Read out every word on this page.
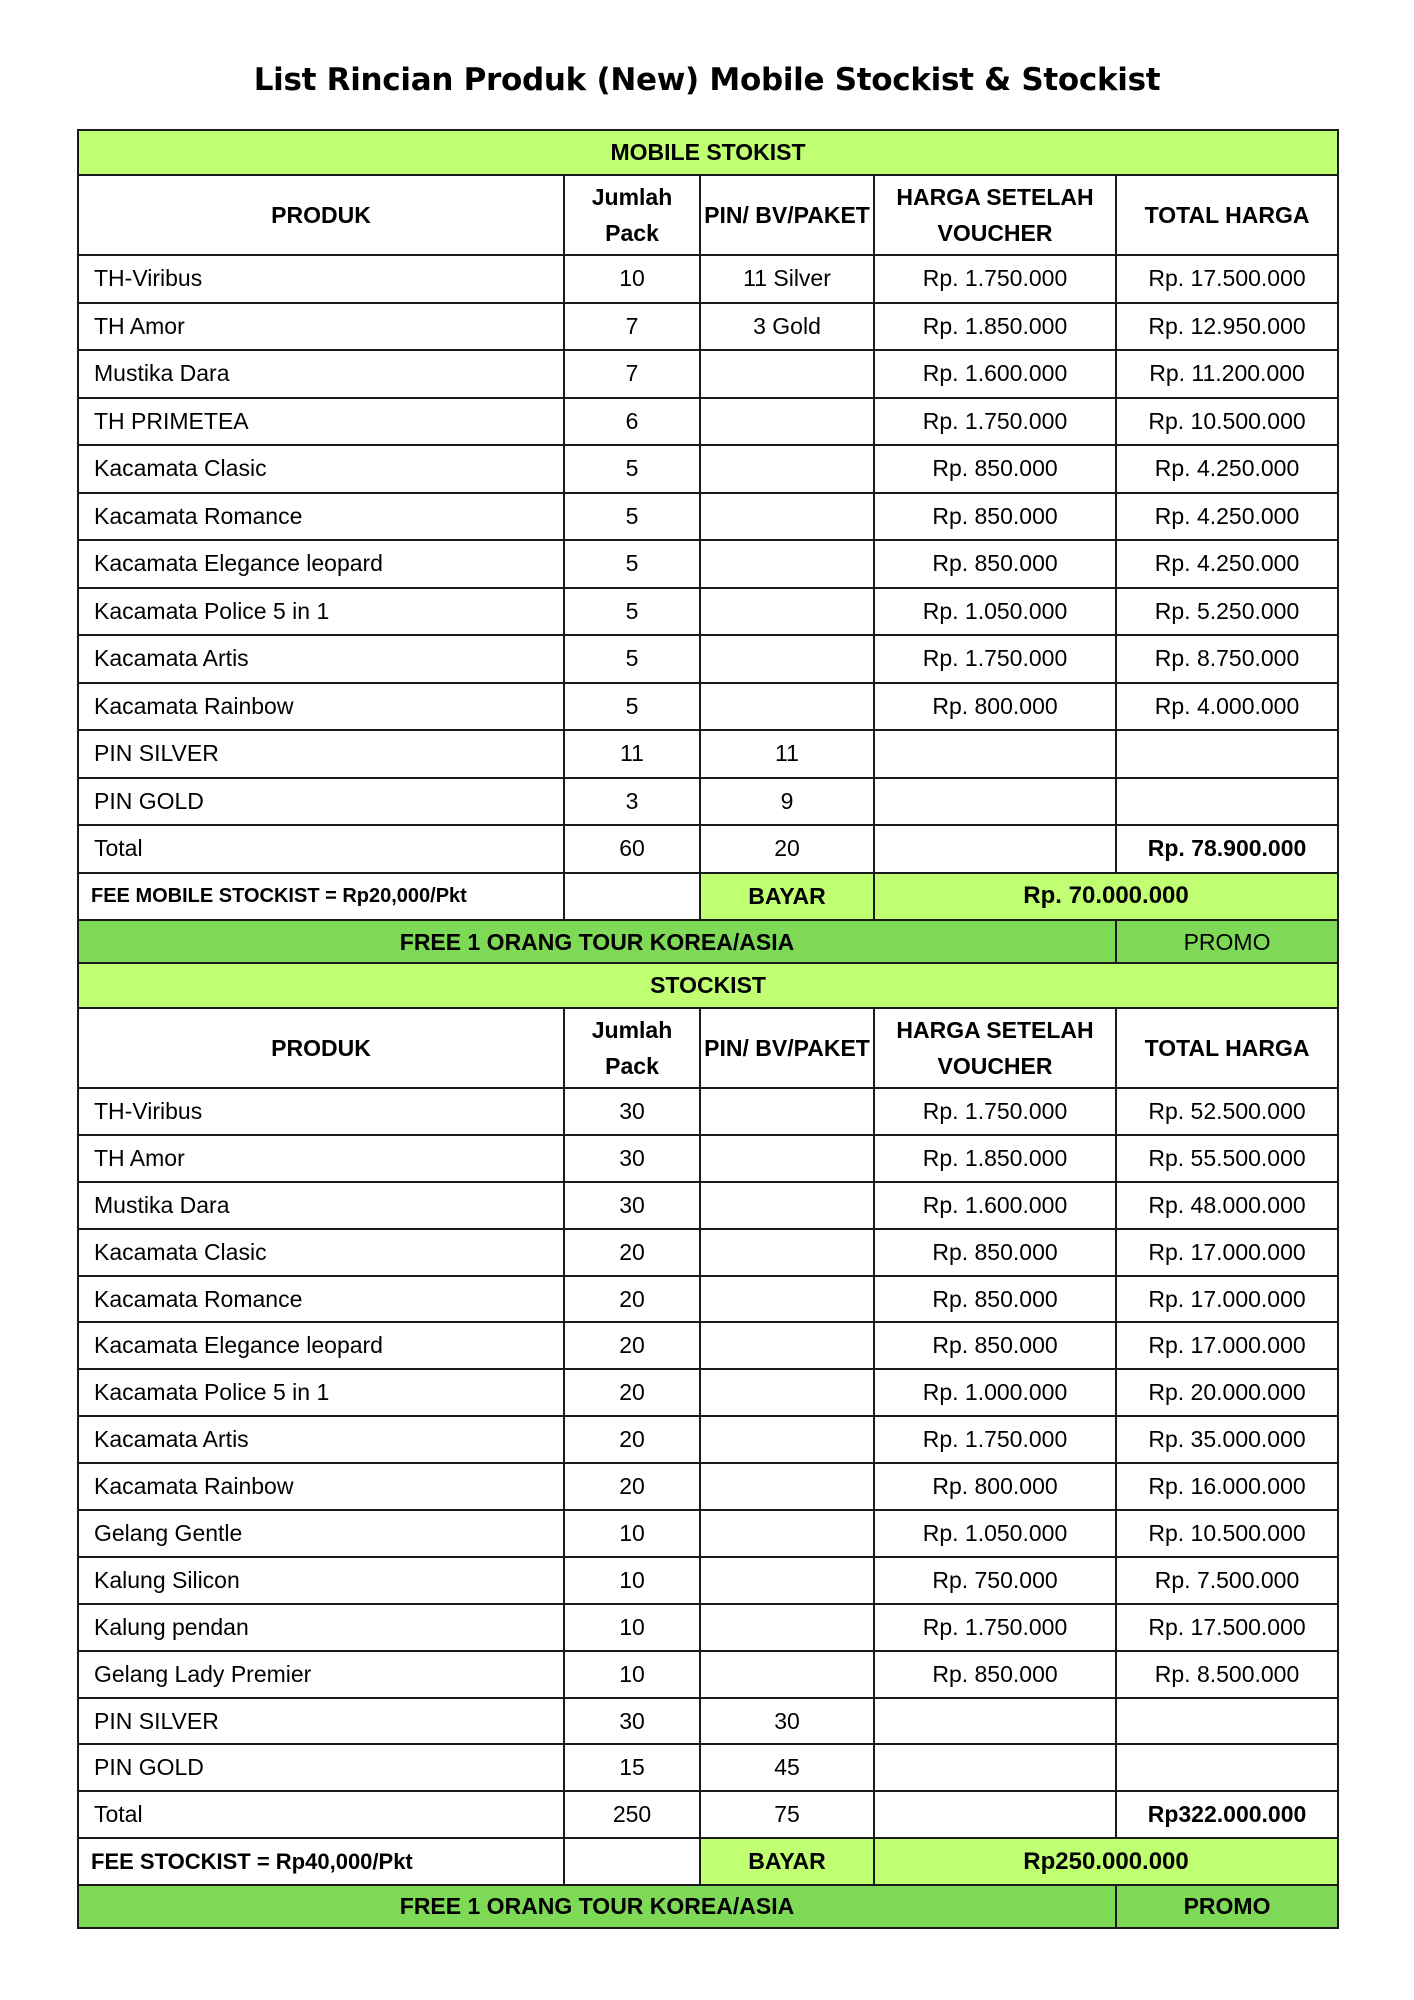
List Rincian Produk (New) Mobile Stockist & Stockist
MOBILE STOKIST				
PRODUK	Jumlah Pack	PIN/ BV/PAKET	HARGA SETELAH VOUCHER	TOTAL HARGA
TH-Viribus	10	11 Silver	Rp. 1.750.000	Rp. 17.500.000
TH Amor	7	3 Gold	Rp. 1.850.000	Rp. 12.950.000
Mustika Dara	7		Rp. 1.600.000	Rp. 11.200.000
TH PRIMETEA	6		Rp. 1.750.000	Rp. 10.500.000
Kacamata Clasic	5		Rp. 850.000	Rp. 4.250.000
Kacamata Romance	5		Rp. 850.000	Rp. 4.250.000
Kacamata Elegance leopard	5		Rp. 850.000	Rp. 4.250.000
Kacamata Police 5 in 1	5		Rp. 1.050.000	Rp. 5.250.000
Kacamata Artis	5		Rp. 1.750.000	Rp. 8.750.000
Kacamata Rainbow	5		Rp. 800.000	Rp. 4.000.000
PIN SILVER	11	11		
PIN GOLD	3	9		
Total	60	20		Rp. 78.900.000
FEE MOBILE STOCKIST = Rp20,000/Pkt		BAYAR	Rp. 70.000.000	
FREE 1 ORANG TOUR KOREA/ASIA				PROMO
STOCKIST				
PRODUK	Jumlah Pack	PIN/ BV/PAKET	HARGA SETELAH VOUCHER	TOTAL HARGA
TH-Viribus	30		Rp. 1.750.000	Rp. 52.500.000
TH Amor	30		Rp. 1.850.000	Rp. 55.500.000
Mustika Dara	30		Rp. 1.600.000	Rp. 48.000.000
Kacamata Clasic	20		Rp. 850.000	Rp. 17.000.000
Kacamata Romance	20		Rp. 850.000	Rp. 17.000.000
Kacamata Elegance leopard	20		Rp. 850.000	Rp. 17.000.000
Kacamata Police 5 in 1	20		Rp. 1.000.000	Rp. 20.000.000
Kacamata Artis	20		Rp. 1.750.000	Rp. 35.000.000
Kacamata Rainbow	20		Rp. 800.000	Rp. 16.000.000
Gelang Gentle	10		Rp. 1.050.000	Rp. 10.500.000
Kalung Silicon	10		Rp. 750.000	Rp. 7.500.000
Kalung pendan	10		Rp. 1.750.000	Rp. 17.500.000
Gelang Lady Premier	10		Rp. 850.000	Rp. 8.500.000
PIN SILVER	30	30		
PIN GOLD	15	45		
Total	250	75		Rp322.000.000
FEE STOCKIST = Rp40,000/Pkt		BAYAR	Rp250.000.000	
FREE 1 ORANG TOUR KOREA/ASIA				PROMO
